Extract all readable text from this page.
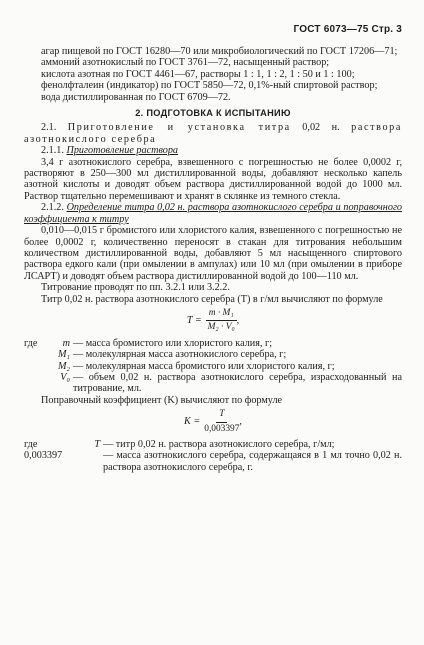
ГОСТ 6073—75 Стр. 3

агар пищевой по ГОСТ 16280—70 или микробиологический по ГОСТ 17206—71;

аммоний азотнокислый по ГОСТ 3761—72, насыщенный раствор;

кислота азотная по ГОСТ 4461—67, растворы 1 : 1, 1 : 2, 1 : 50 и 1 : 100;

фенолфталеин (индикатор) по ГОСТ 5850—72, 0,1%-ный спиртовой раствор;

вода дистиллированная по ГОСТ 6709—72.

2. ПОДГОТОВКА К ИСПЫТАНИЮ

2.1. Приготовление и установка титра 0,02 н. раствора азотнокислого серебра

2.1.1. Приготовление раствора

3,4 г азотнокислого серебра, взвешенного с погрешностью не более 0,0002 г, растворяют в 250—300 мл дистиллированной воды, добавляют несколько капель азотной кислоты и доводят объем раствора дистиллированной водой до 1000 мл. Раствор тщательно перемешивают и хранят в склянке из темного стекла.

2.1.2. Определение титра 0,02 н. раствора азотнокислого серебра и поправочного коэффициента к титру

0,010—0,015 г бромистого или хлористого калия, взвешенного с погрешностью не более 0,0002 г, количественно переносят в стакан для титрования небольшим количеством дистиллированной воды, добавляют 5 мл насыщенного спиртового раствора едкого кали (при омылении в ампулах) или 10 мл (при омылении в приборе ЛСАРТ) и доводят объем раствора дистиллированной водой до 100—110 мл.

Титрование проводят по пп. 3.2.1 или 3.2.2.

Титр 0,02 н. раствора азотнокислого серебра (T) в г/мл вычисляют по формуле

$T = \frac{\text{m · M₁}}{\text{M₂ · V₀}}$ ,
где	m	— масса бромистого или хлористого калия, г;
	M₁	— молекулярная масса азотнокислого серебра, г;
	M₂	— молекулярная масса бромистого или хлористого калия, г;
	V₀	— объем 0,02 н. раствора азотнокислого серебра, израсходованный на титрование, мл.

Поправочный коэффициент (K) вычисляют по формуле

$K = \frac{T}{0,003397}$ ,
где	T	— титр 0,02 н. раствора азотнокислого серебра, г/мл;
0,003397		— масса азотнокислого серебра, содержащаяся в 1 мл точно 0,02 н. раствора азотнокислого серебра, г.
